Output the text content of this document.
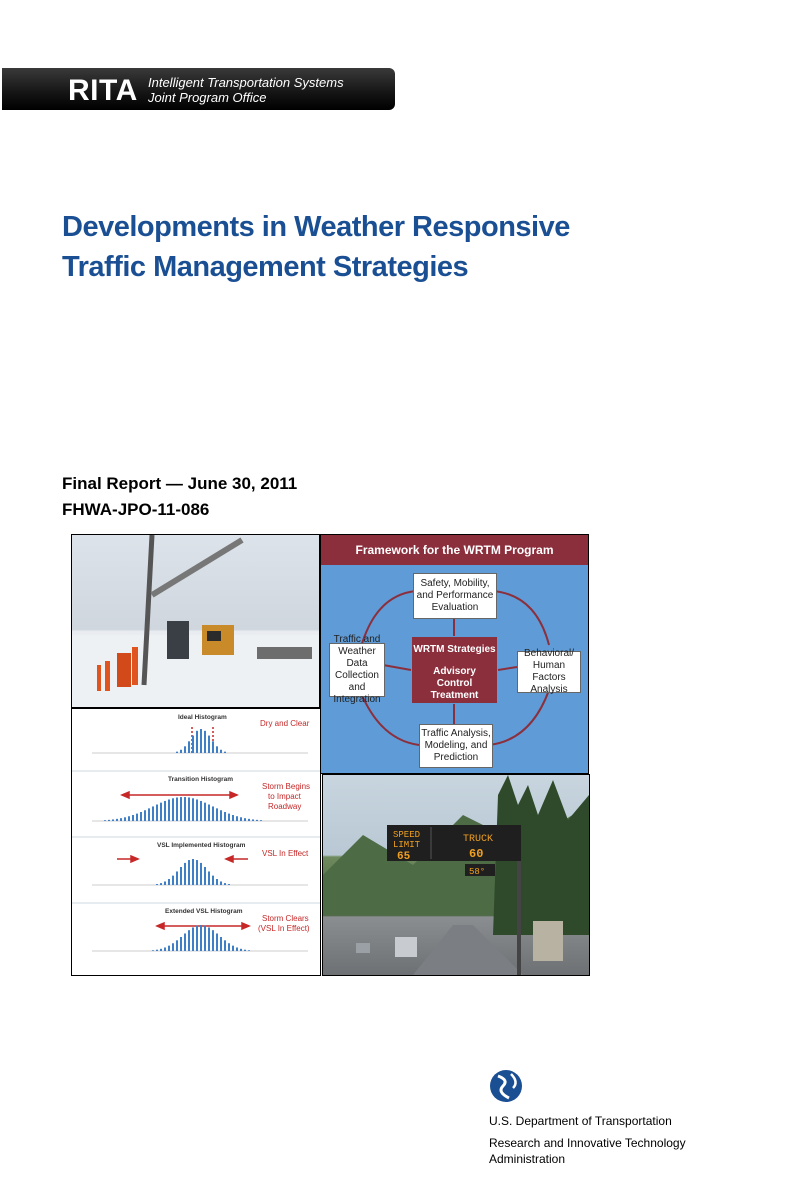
RITA Intelligent Transportation Systems
Joint Program Office
Developments in Weather Responsive
Traffic Management Strategies
Final Report — June 30, 2011
FHWA-JPO-11-086
Framework for the WRTM Program
Safety, Mobility, and Performance Evaluation
Traffic and Weather Data Collection and Integration
Behavioral/ Human Factors Analysis
Traffic Analysis, Modeling, and Prediction
WRTM Strategies
Advisory
Control
Treatment
Ideal Histogram
Dry and Clear
Transition Histogram
Storm Begins
to Impact
Roadway
VSL Implemented Histogram
VSL In Effect
Extended VSL Histogram
Storm Clears
(VSL In Effect)
SPEED
LIMIT
65
TRUCK
60
58°
U.S. Department of Transportation
Research and Innovative Technology
Administration
